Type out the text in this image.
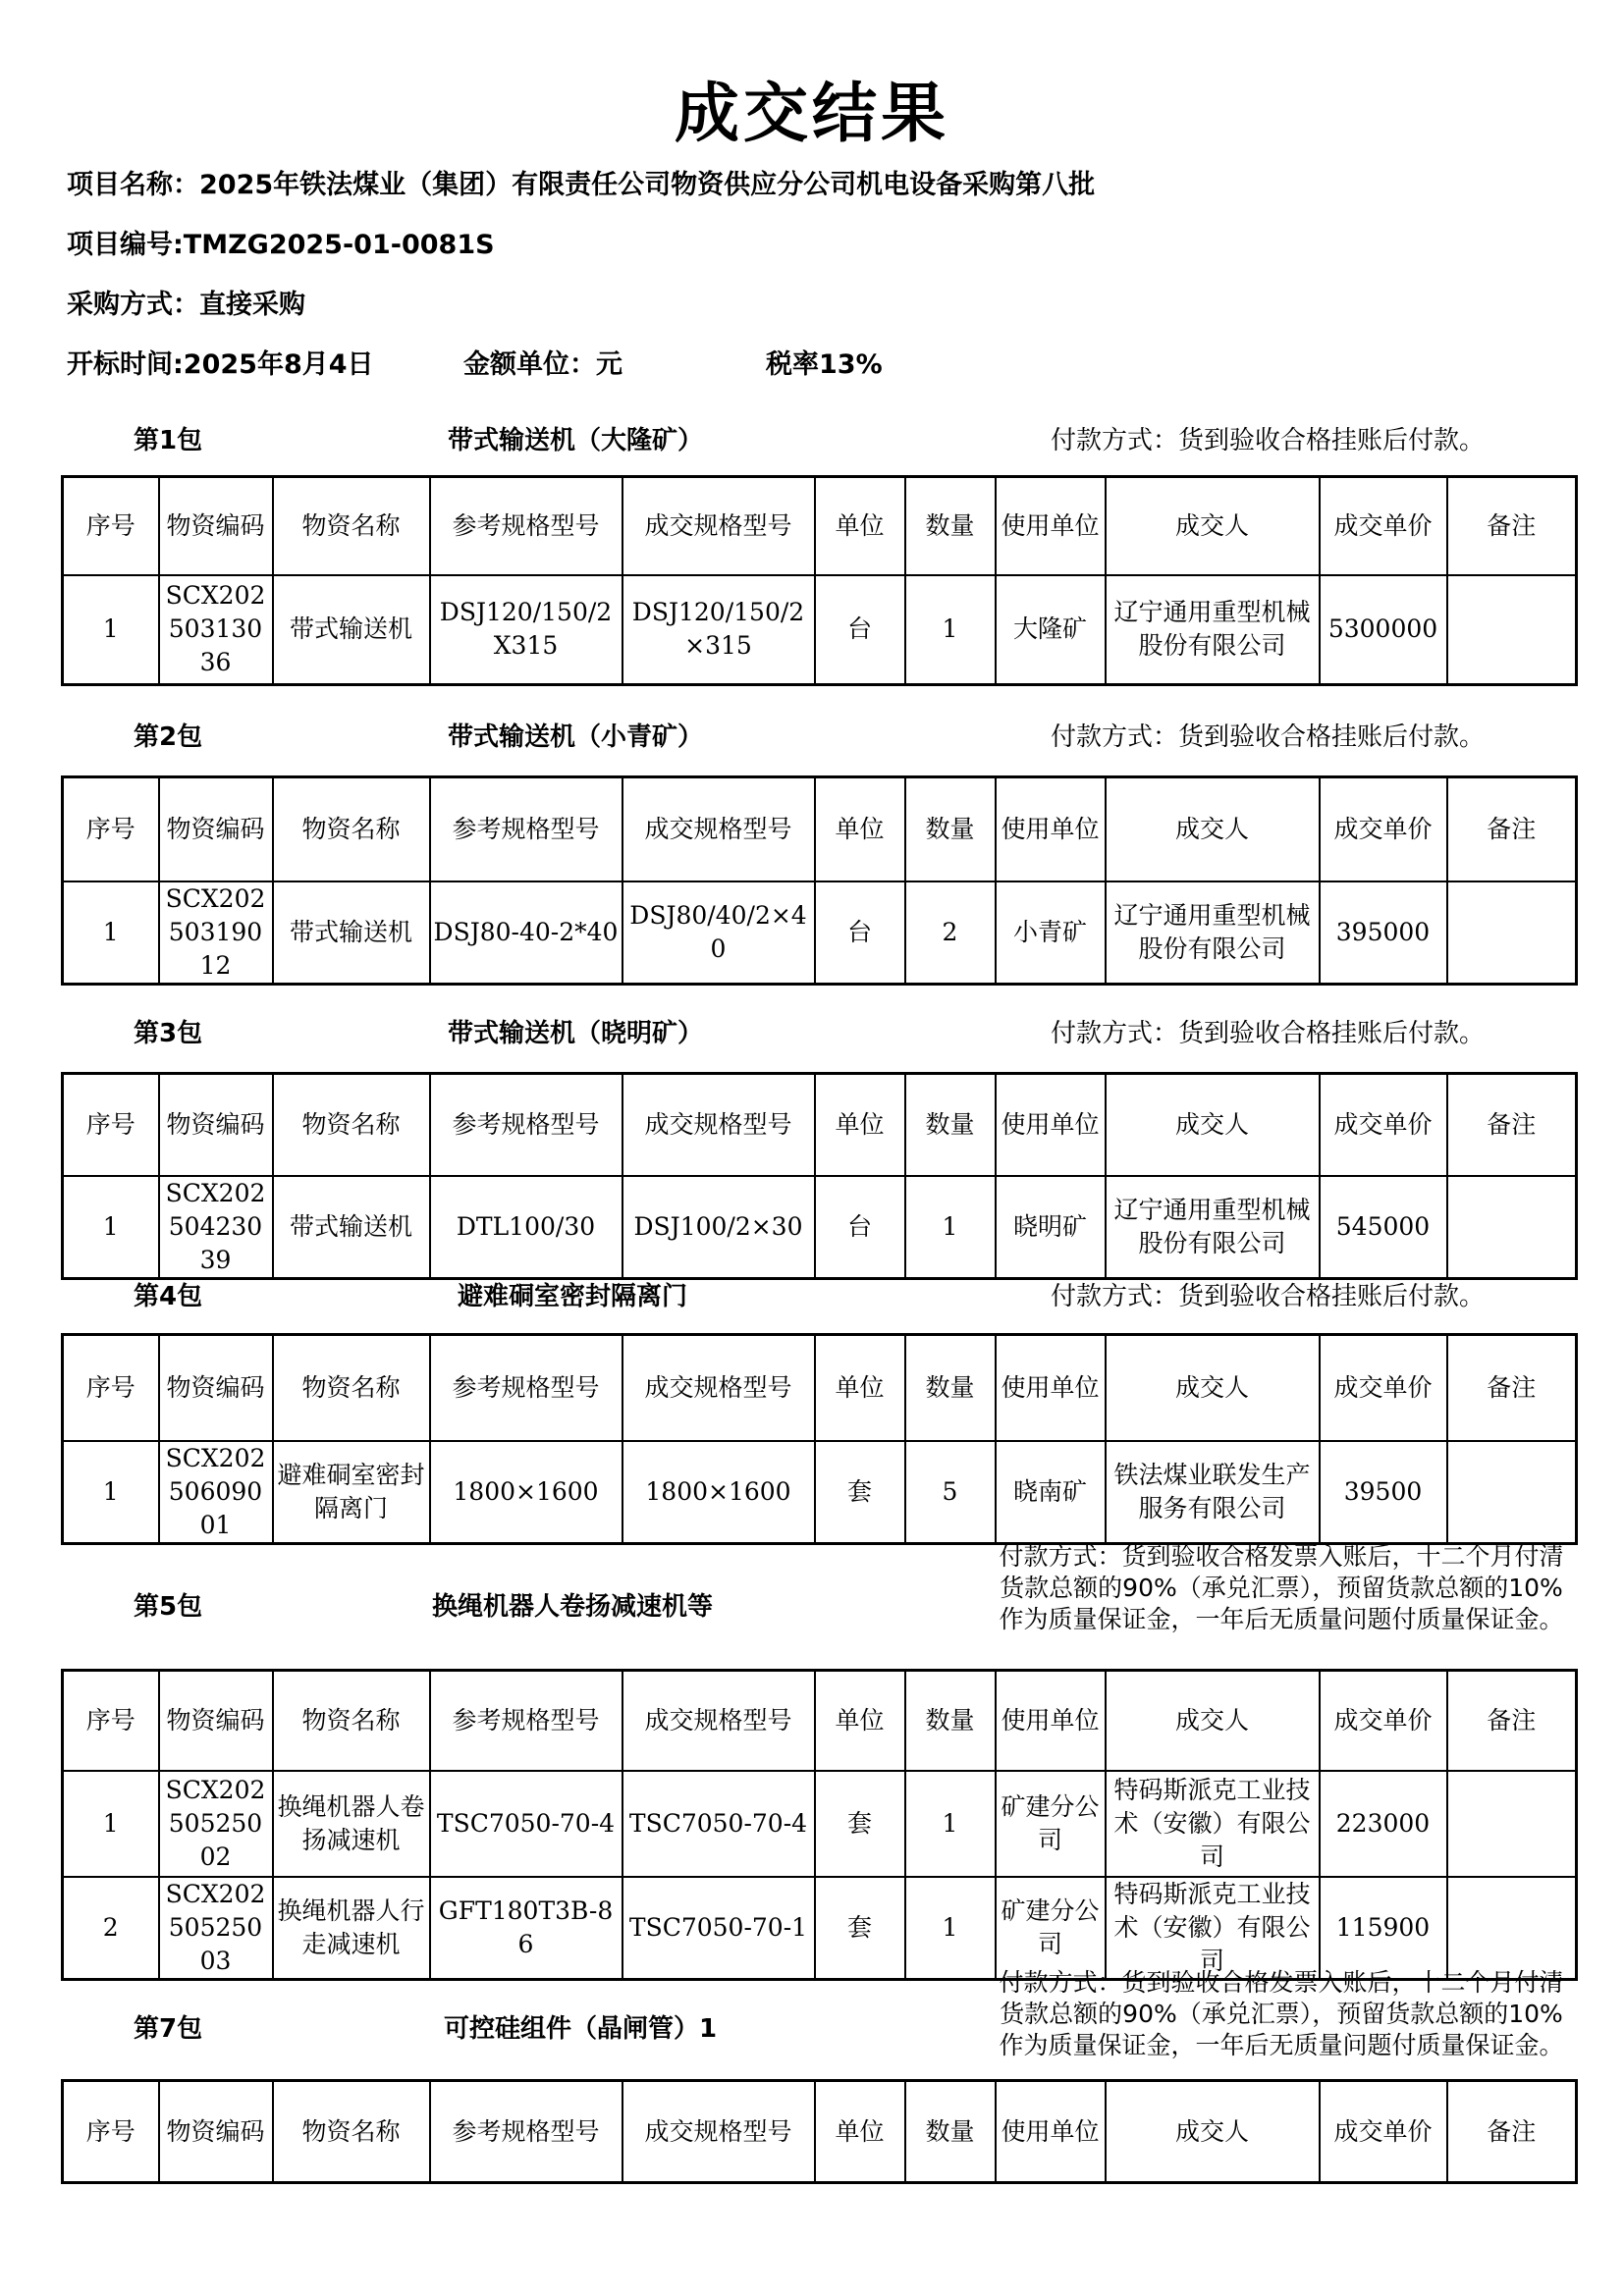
成交结果
项目名称：2025年铁法煤业（集团）有限责任公司物资供应分公司机电设备采购第八批
项目编号:TMZG2025-01-0081S
采购方式：直接采购
开标时间:2025年8月4日	金额单位：元	税率13%
第1包	带式输送机（大隆矿）	付款方式：货到验收合格挂账后付款。
序号	物资编码	物资名称	参考规格型号	成交规格型号	单位	数量	使用单位	成交人	成交单价	备注
1	SCX20250313036	带式输送机	DSJ120/150/2X315	DSJ120/150/2×315	台	1	大隆矿	辽宁通用重型机械股份有限公司	5300000	
第2包	带式输送机（小青矿）	付款方式：货到验收合格挂账后付款。
序号	物资编码	物资名称	参考规格型号	成交规格型号	单位	数量	使用单位	成交人	成交单价	备注
1	SCX20250319012	带式输送机	DSJ80-40-2*40	DSJ80/40/2×40	台	2	小青矿	辽宁通用重型机械股份有限公司	395000	
第3包	带式输送机（晓明矿）	付款方式：货到验收合格挂账后付款。
序号	物资编码	物资名称	参考规格型号	成交规格型号	单位	数量	使用单位	成交人	成交单价	备注
1	SCX20250423039	带式输送机	DTL100/30	DSJ100/2×30	台	1	晓明矿	辽宁通用重型机械股份有限公司	545000	
第4包	避难硐室密封隔离门	付款方式：货到验收合格挂账后付款。
序号	物资编码	物资名称	参考规格型号	成交规格型号	单位	数量	使用单位	成交人	成交单价	备注
1	SCX20250609001	避难硐室密封隔离门	1800×1600	1800×1600	套	5	晓南矿	铁法煤业联发生产服务有限公司	39500	
第5包	换绳机器人卷扬减速机等
付款方式：货到验收合格发票入账后，十二个月付清货款总额的90%（承兑汇票），预留货款总额的10%作为质量保证金，一年后无质量问题付质量保证金。
序号	物资编码	物资名称	参考规格型号	成交规格型号	单位	数量	使用单位	成交人	成交单价	备注
1	SCX20250525002	换绳机器人卷扬减速机	TSC7050-70-4	TSC7050-70-4	套	1	矿建分公司	特码斯派克工业技术（安徽）有限公司	223000	
2	SCX20250525003	换绳机器人行走减速机	GFT180T3B-86	TSC7050-70-1	套	1	矿建分公司	特码斯派克工业技术（安徽）有限公司	115900	
第7包	可控硅组件（晶闸管）1
付款方式：货到验收合格发票入账后，十二个月付清货款总额的90%（承兑汇票），预留货款总额的10%作为质量保证金，一年后无质量问题付质量保证金。
序号	物资编码	物资名称	参考规格型号	成交规格型号	单位	数量	使用单位	成交人	成交单价	备注
